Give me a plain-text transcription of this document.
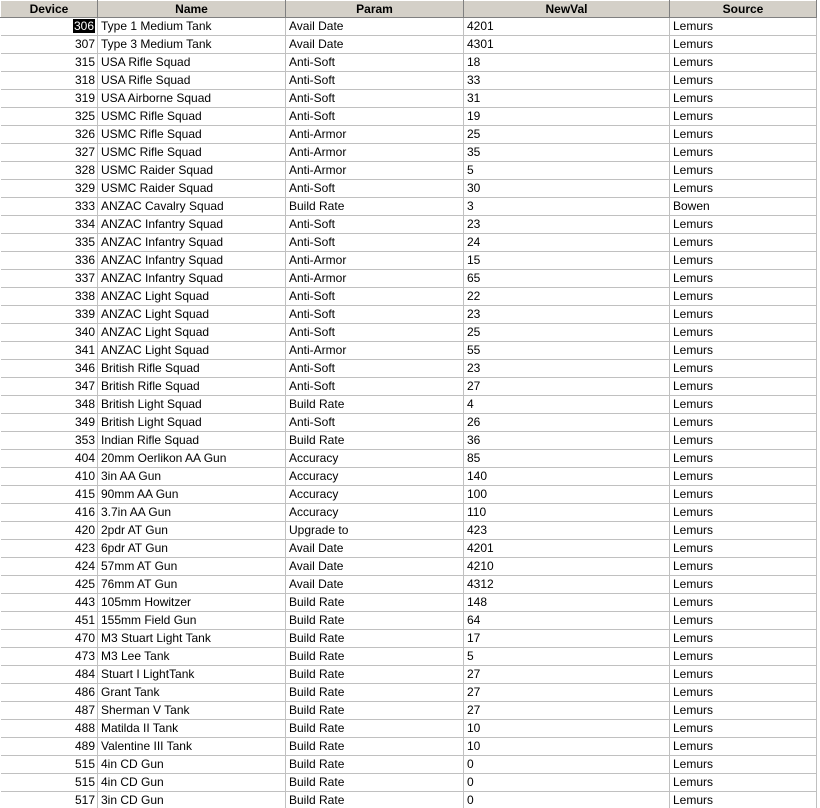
Device	Name	Param	NewVal	Source
306	Type 1 Medium Tank	Avail Date	4201	Lemurs
307	Type 3 Medium Tank	Avail Date	4301	Lemurs
315	USA Rifle Squad	Anti-Soft	18	Lemurs
318	USA Rifle Squad	Anti-Soft	33	Lemurs
319	USA Airborne Squad	Anti-Soft	31	Lemurs
325	USMC Rifle Squad	Anti-Soft	19	Lemurs
326	USMC Rifle Squad	Anti-Armor	25	Lemurs
327	USMC Rifle Squad	Anti-Armor	35	Lemurs
328	USMC Raider Squad	Anti-Armor	5	Lemurs
329	USMC Raider Squad	Anti-Soft	30	Lemurs
333	ANZAC Cavalry Squad	Build Rate	3	Bowen
334	ANZAC Infantry Squad	Anti-Soft	23	Lemurs
335	ANZAC Infantry Squad	Anti-Soft	24	Lemurs
336	ANZAC Infantry Squad	Anti-Armor	15	Lemurs
337	ANZAC Infantry Squad	Anti-Armor	65	Lemurs
338	ANZAC Light Squad	Anti-Soft	22	Lemurs
339	ANZAC Light Squad	Anti-Soft	23	Lemurs
340	ANZAC Light Squad	Anti-Soft	25	Lemurs
341	ANZAC Light Squad	Anti-Armor	55	Lemurs
346	British Rifle Squad	Anti-Soft	23	Lemurs
347	British Rifle Squad	Anti-Soft	27	Lemurs
348	British Light Squad	Build Rate	4	Lemurs
349	British Light Squad	Anti-Soft	26	Lemurs
353	Indian Rifle Squad	Build Rate	36	Lemurs
404	20mm Oerlikon AA Gun	Accuracy	85	Lemurs
410	3in AA Gun	Accuracy	140	Lemurs
415	90mm AA Gun	Accuracy	100	Lemurs
416	3.7in AA Gun	Accuracy	110	Lemurs
420	2pdr AT Gun	Upgrade to	423	Lemurs
423	6pdr AT Gun	Avail Date	4201	Lemurs
424	57mm AT Gun	Avail Date	4210	Lemurs
425	76mm AT Gun	Avail Date	4312	Lemurs
443	105mm Howitzer	Build Rate	148	Lemurs
451	155mm Field Gun	Build Rate	64	Lemurs
470	M3 Stuart Light Tank	Build Rate	17	Lemurs
473	M3 Lee Tank	Build Rate	5	Lemurs
484	Stuart I LightTank	Build Rate	27	Lemurs
486	Grant Tank	Build Rate	27	Lemurs
487	Sherman V Tank	Build Rate	27	Lemurs
488	Matilda II Tank	Build Rate	10	Lemurs
489	Valentine III Tank	Build Rate	10	Lemurs
515	4in CD Gun	Build Rate	0	Lemurs
515	4in CD Gun	Build Rate	0	Lemurs
517	3in CD Gun	Build Rate	0	Lemurs
